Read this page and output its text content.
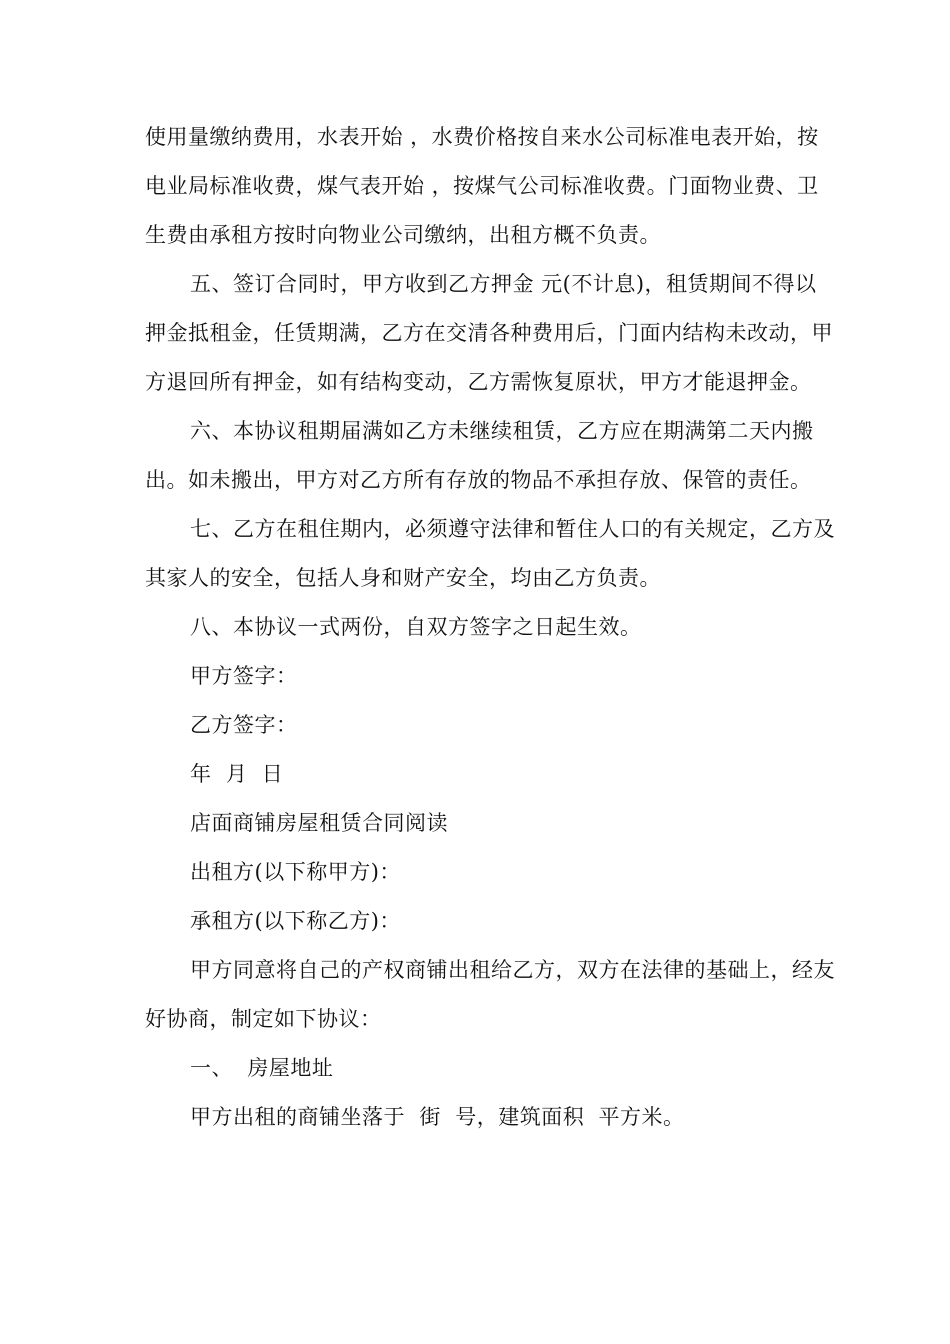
使用量缴纳费用，水表开始 ，水费价格按自来水公司标准电表开始，按电业局标准收费，煤气表开始 ，按煤气公司标准收费。门面物业费、卫生费由承租方按时向物业公司缴纳，出租方概不负责。

五、签订合同时，甲方收到乙方押金 元(不计息)，租赁期间不得以押金抵租金，任赁期满，乙方在交清各种费用后，门面内结构未改动，甲方退回所有押金，如有结构变动，乙方需恢复原状，甲方才能退押金。

六、本协议租期届满如乙方未继续租赁，乙方应在期满第二天内搬出。如未搬出，甲方对乙方所有存放的物品不承担存放、保管的责任。

七、乙方在租住期内，必须遵守法律和暂住人口的有关规定，乙方及其家人的安全，包括人身和财产安全，均由乙方负责。

八、本协议一式两份，自双方签字之日起生效。

甲方签字：

乙方签字：

年  月  日

店面商铺房屋租赁合同阅读

出租方(以下称甲方)：

承租方(以下称乙方)：

甲方同意将自己的产权商铺出租给乙方，双方在法律的基础上，经友好协商，制定如下协议：

一、  房屋地址

甲方出租的商铺坐落于  街  号，建筑面积  平方米。
